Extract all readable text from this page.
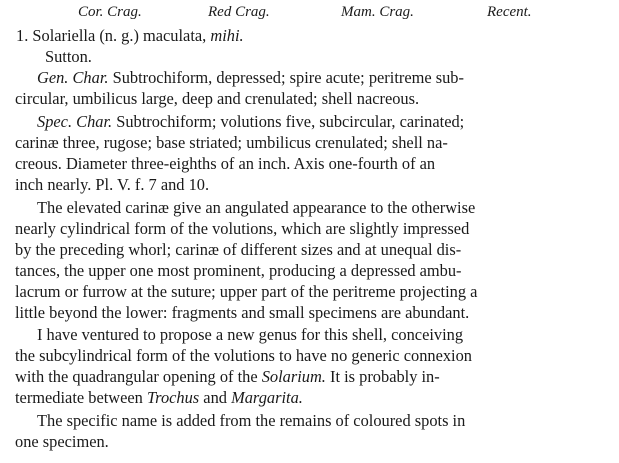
Cor. Crag.	Red Crag.	Mam. Crag.	Recent.
1. Solariella (n. g.) maculata, mihi.
Sutton.
Gen. Char. Subtrochiform, depressed; spire acute; peritreme sub-
circular, umbilicus large, deep and crenulated; shell nacreous.
Spec. Char. Subtrochiform; volutions five, subcircular, carinated;
carinæ three, rugose; base striated; umbilicus crenulated; shell na-
creous. Diameter three-eighths of an inch. Axis one-fourth of an
inch nearly. Pl. V. f. 7 and 10.
The elevated carinæ give an angulated appearance to the otherwise
nearly cylindrical form of the volutions, which are slightly impressed
by the preceding whorl; carinæ of different sizes and at unequal dis-
tances, the upper one most prominent, producing a depressed ambu-
lacrum or furrow at the suture; upper part of the peritreme projecting a
little beyond the lower: fragments and small specimens are abundant.
I have ventured to propose a new genus for this shell, conceiving
the subcylindrical form of the volutions to have no generic connexion
with the quadrangular opening of the Solarium. It is probably in-
termediate between Trochus and Margarita.
The specific name is added from the remains of coloured spots in
one specimen.
